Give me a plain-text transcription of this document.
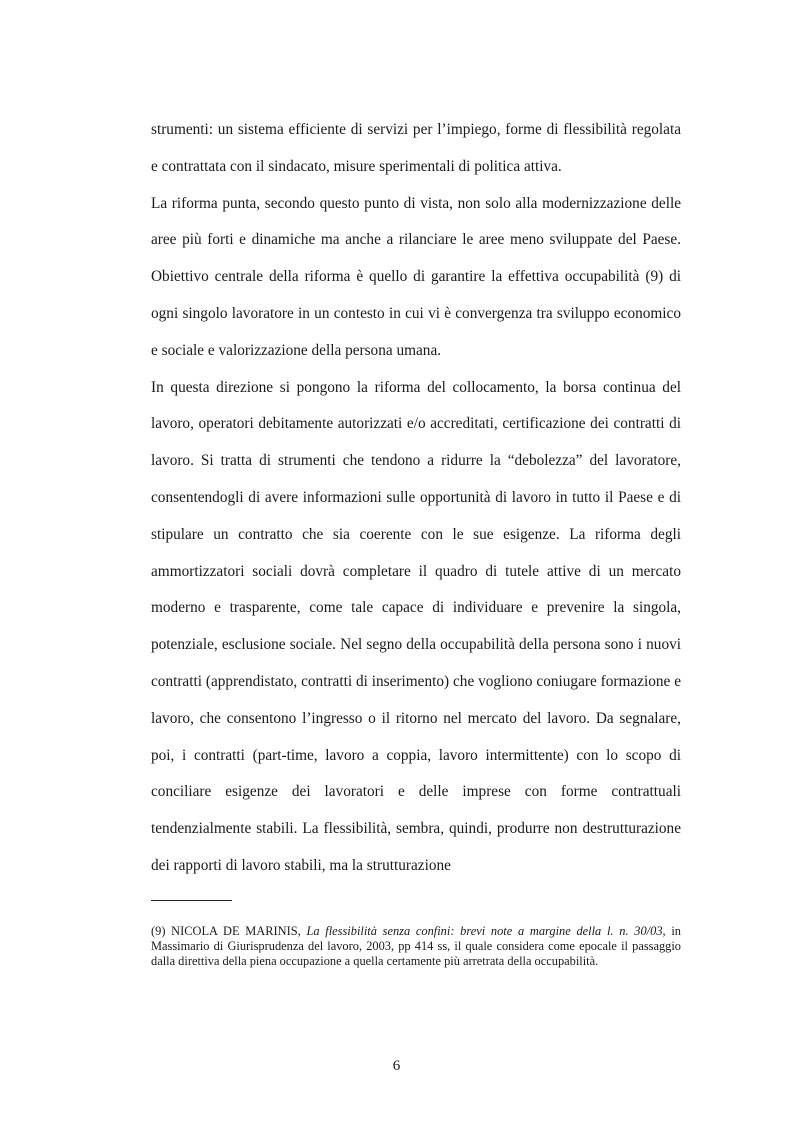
strumenti: un sistema efficiente di servizi per l’impiego, forme di flessibilità regolata e contrattata con il sindacato, misure sperimentali di politica attiva.

La riforma punta, secondo questo punto di vista, non solo alla modernizzazione delle aree più forti e dinamiche ma anche a rilanciare le aree meno sviluppate del Paese. Obiettivo centrale della riforma è quello di garantire la effettiva occupabilità (9) di ogni singolo lavoratore in un contesto in cui vi è convergenza tra sviluppo economico e sociale e valorizzazione della persona umana.

In questa direzione si pongono la riforma del collocamento, la borsa continua del lavoro, operatori debitamente autorizzati e/o accreditati, certificazione dei contratti di lavoro. Si tratta di strumenti che tendono a ridurre la “debolezza” del lavoratore, consentendogli di avere informazioni sulle opportunità di lavoro in tutto il Paese e di stipulare un contratto che sia coerente con le sue esigenze. La riforma degli ammortizzatori sociali dovrà completare il quadro di tutele attive di un mercato moderno e trasparente, come tale capace di individuare e prevenire la singola, potenziale, esclusione sociale. Nel segno della occupabilità della persona sono i nuovi contratti (apprendistato, contratti di inserimento) che vogliono coniugare formazione e lavoro, che consentono l’ingresso o il ritorno nel mercato del lavoro. Da segnalare, poi, i contratti (part-time, lavoro a coppia, lavoro intermittente) con lo scopo di conciliare esigenze dei lavoratori e delle imprese con forme contrattuali tendenzialmente stabili. La flessibilità, sembra, quindi, produrre non destrutturazione dei rapporti di lavoro stabili, ma la strutturazione

(9) NICOLA DE MARINIS, La flessibilità senza confini: brevi note a margine della l. n. 30/03, in Massimario di Giurisprudenza del lavoro, 2003, pp 414 ss, il quale considera come epocale il passaggio dalla direttiva della piena occupazione a quella certamente più arretrata della occupabilità.

6
